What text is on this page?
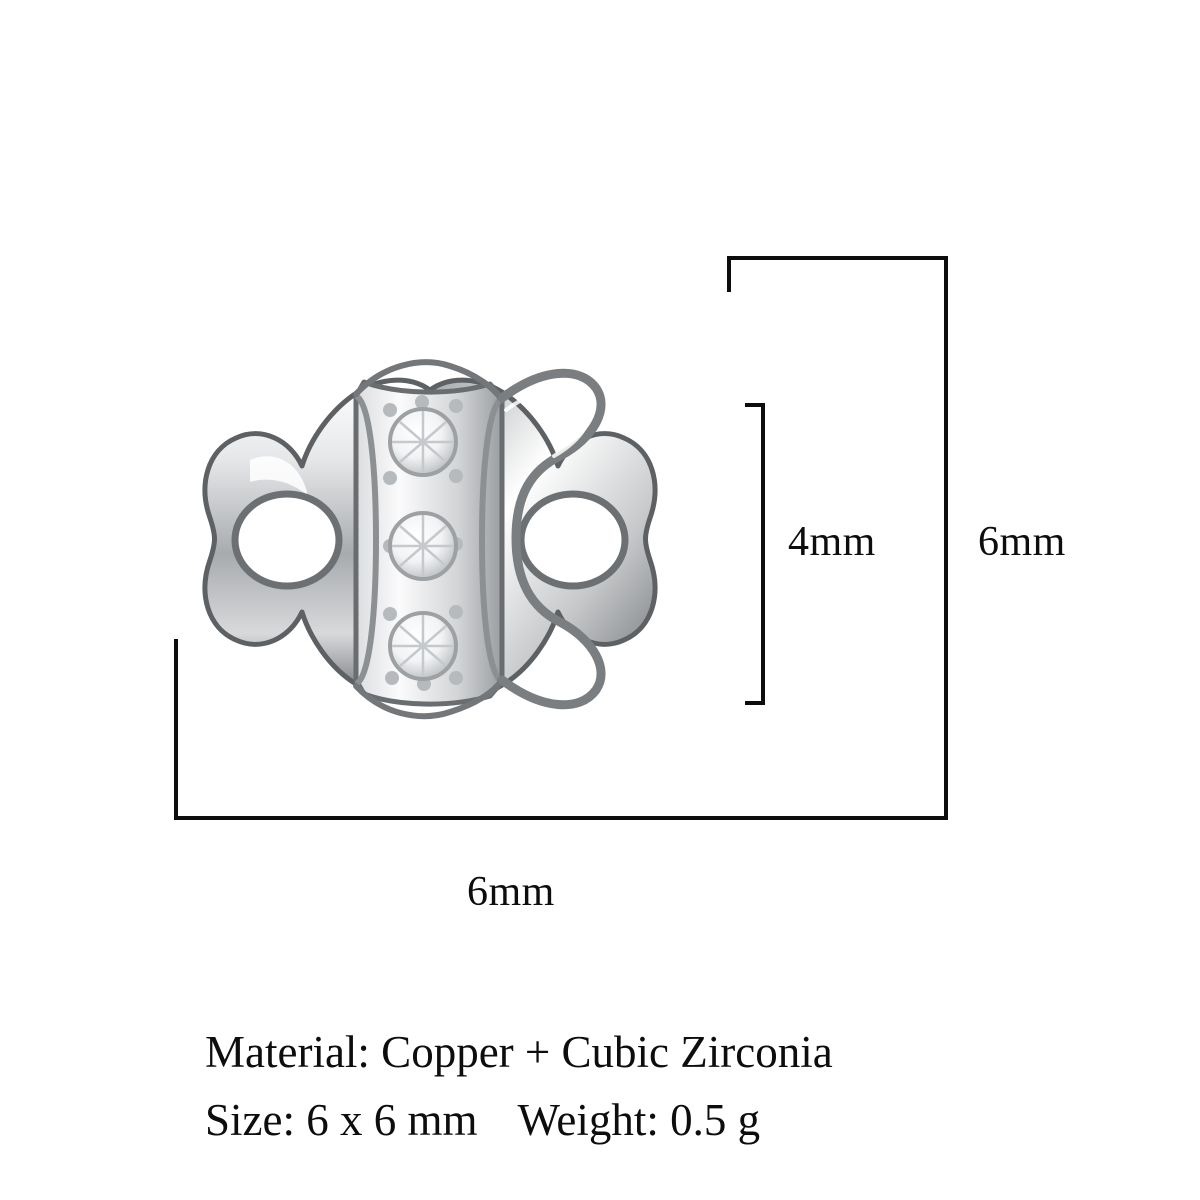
4mm 6mm
6mm
Material: Copper + Cubic Zirconia
Size: 6 x 6 mm Weight: 0.5 g
